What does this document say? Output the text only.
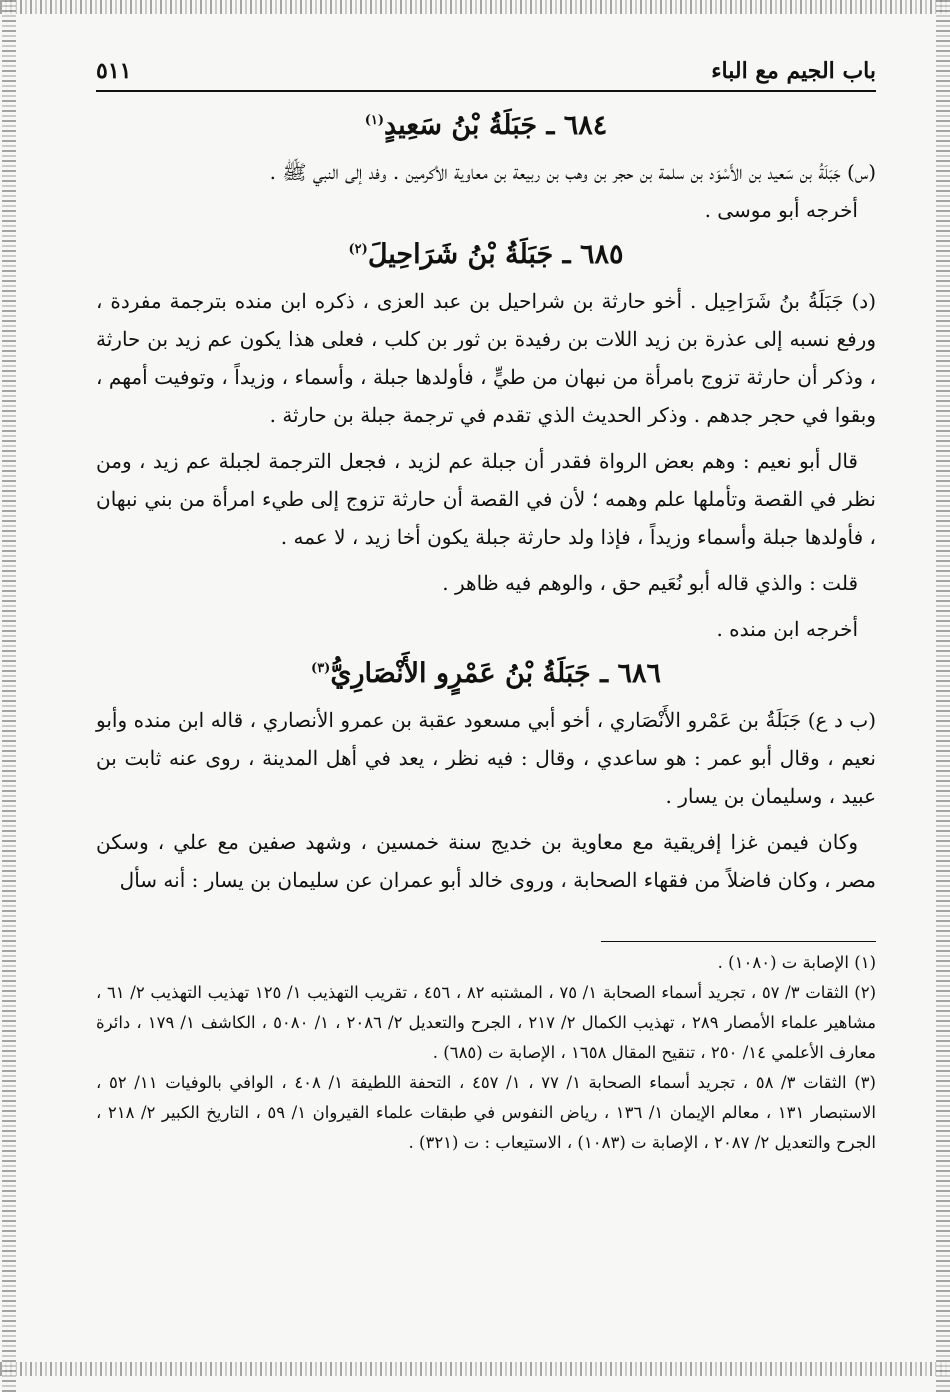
باب الجيم مع الباء
٥١١
٦٨٤ ـ جَبَلَةُ بْنُ سَعِيدٍ$^{(١)}$

(س) جَبَلَةُ بن سَعيد بن الأَسْوَد بن سلمة بن حجر بن وهب بن ربيعة بن معاوية الأكرمين . وفد إلى النبي ﷺ .

أخرجه أبو موسى .

٦٨٥ ـ جَبَلَةُ بْنُ شَرَاحِيلَ$^{(٢)}$

(د) جَبَلَةُ بنُ شَرَاحِيل . أخو حارثة بن شراحيل بن عبد العزى ، ذكره ابن منده بترجمة مفردة ، ورفع نسبه إلى عذرة بن زيد اللات بن رفيدة بن ثور بن كلب ، فعلى هذا يكون عم زيد بن حارثة ، وذكر أن حارثة تزوج بامرأة من نبهان من طيٍّ ، فأولدها جبلة ، وأسماء ، وزيداً ، وتوفيت أمهم ، وبقوا في حجر جدهم . وذكر الحديث الذي تقدم في ترجمة جبلة بن حارثة .

قال أبو نعيم : وهم بعض الرواة فقدر أن جبلة عم لزيد ، فجعل الترجمة لجبلة عم زيد ، ومن نظر في القصة وتأملها علم وهمه ؛ لأن في القصة أن حارثة تزوج إلى طيء امرأة من بني نبهان ، فأولدها جبلة وأسماء وزيداً ، فإذا ولد حارثة جبلة يكون أخا زيد ، لا عمه .

قلت : والذي قاله أبو نُعَيم حق ، والوهم فيه ظاهر .

أخرجه ابن منده .

٦٨٦ ـ جَبَلَةُ بْنُ عَمْرٍو الأَنْصَارِيُّ$^{(٣)}$

(ب د ع) جَبَلَةُ بن عَمْرو الأَنْصَاري ، أخو أبي مسعود عقبة بن عمرو الأنصاري ، قاله ابن منده وأبو نعيم ، وقال أبو عمر : هو ساعدي ، وقال : فيه نظر ، يعد في أهل المدينة ، روى عنه ثابت بن عبيد ، وسليمان بن يسار .

وكان فيمن غزا إفريقية مع معاوية بن خديج سنة خمسين ، وشهد صفين مع علي ، وسكن مصر ، وكان فاضلاً من فقهاء الصحابة ، وروى خالد أبو عمران عن سليمان بن يسار : أنه سأل

(١) الإصابة ت (١٠٨٠) .

(٢) الثقات ٣/ ٥٧ ، تجريد أسماء الصحابة ١/ ٧٥ ، المشتبه ٨٢ ، ٤٥٦ ، تقريب التهذيب ١/ ١٢٥ تهذيب التهذيب ٢/ ٦١ ، مشاهير علماء الأمصار ٢٨٩ ، تهذيب الكمال ٢/ ٢١٧ ، الجرح والتعديل ٢/ ٢٠٨٦ ، ١/ ٥٠٨٠ ، الكاشف ١/ ١٧٩ ، دائرة معارف الأعلمي ١٤/ ٢٥٠ ، تنقيح المقال ١٦٥٨ ، الإصابة ت (٦٨٥) .

(٣) الثقات ٣/ ٥٨ ، تجريد أسماء الصحابة ١/ ٧٧ ، ١/ ٤٥٧ ، التحفة اللطيفة ١/ ٤٠٨ ، الوافي بالوفيات ١١/ ٥٢ ، الاستبصار ١٣١ ، معالم الإيمان ١/ ١٣٦ ، رياض النفوس في طبقات علماء القيروان ١/ ٥٩ ، التاريخ الكبير ٢/ ٢١٨ ، الجرح والتعديل ٢/ ٢٠٨٧ ، الإصابة ت (١٠٨٣) ، الاستيعاب : ت (٣٢١) .
